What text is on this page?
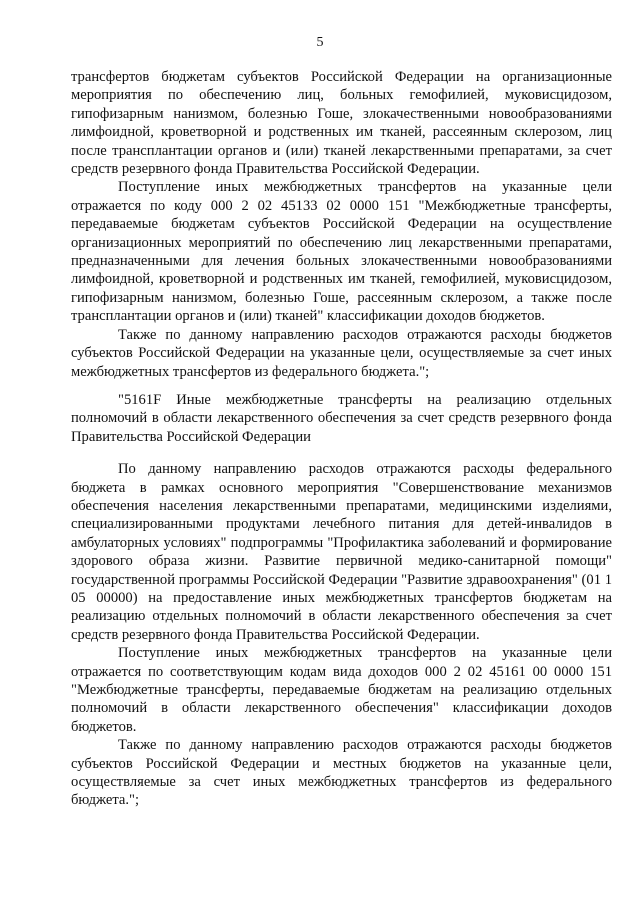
5

трансфертов бюджетам субъектов Российской Федерации на организационные мероприятия по обеспечению лиц, больных гемофилией, муковисцидозом, гипофизарным нанизмом, болезнью Гоше, злокачественными новообразованиями лимфоидной, кроветворной и родственных им тканей, рассеянным склерозом, лиц после трансплантации органов и (или) тканей лекарственными препаратами, за счет средств резервного фонда Правительства Российской Федерации.

Поступление иных межбюджетных трансфертов на указанные цели отражается по коду 000 2 02 45133 02 0000 151 "Межбюджетные трансферты, передаваемые бюджетам субъектов Российской Федерации на осуществление организационных мероприятий по обеспечению лиц лекарственными препаратами, предназначенными для лечения больных злокачественными новообразованиями лимфоидной, кроветворной и родственных им тканей, гемофилией, муковисцидозом, гипофизарным нанизмом, болезнью Гоше, рассеянным склерозом, а также после трансплантации органов и (или) тканей" классификации доходов бюджетов.

Также по данному направлению расходов отражаются расходы бюджетов субъектов Российской Федерации на указанные цели, осуществляемые за счет иных межбюджетных трансфертов из федерального бюджета.";

"5161F Иные межбюджетные трансферты на реализацию отдельных полномочий в области лекарственного обеспечения за счет средств резервного фонда Правительства Российской Федерации

По данному направлению расходов отражаются расходы федерального бюджета в рамках основного мероприятия "Совершенствование механизмов обеспечения населения лекарственными препаратами, медицинскими изделиями, специализированными продуктами лечебного питания для детей-инвалидов в амбулаторных условиях" подпрограммы "Профилактика заболеваний и формирование здорового образа жизни. Развитие первичной медико-санитарной помощи" государственной программы Российской Федерации "Развитие здравоохранения" (01 1 05 00000) на предоставление иных межбюджетных трансфертов бюджетам на реализацию отдельных полномочий в области лекарственного обеспечения за счет средств резервного фонда Правительства Российской Федерации.

Поступление иных межбюджетных трансфертов на указанные цели отражается по соответствующим кодам вида доходов 000 2 02 45161 00 0000 151 "Межбюджетные трансферты, передаваемые бюджетам на реализацию отдельных полномочий в области лекарственного обеспечения" классификации доходов бюджетов.

Также по данному направлению расходов отражаются расходы бюджетов субъектов Российской Федерации и местных бюджетов на указанные цели, осуществляемые за счет иных межбюджетных трансфертов из федерального бюджета.";
